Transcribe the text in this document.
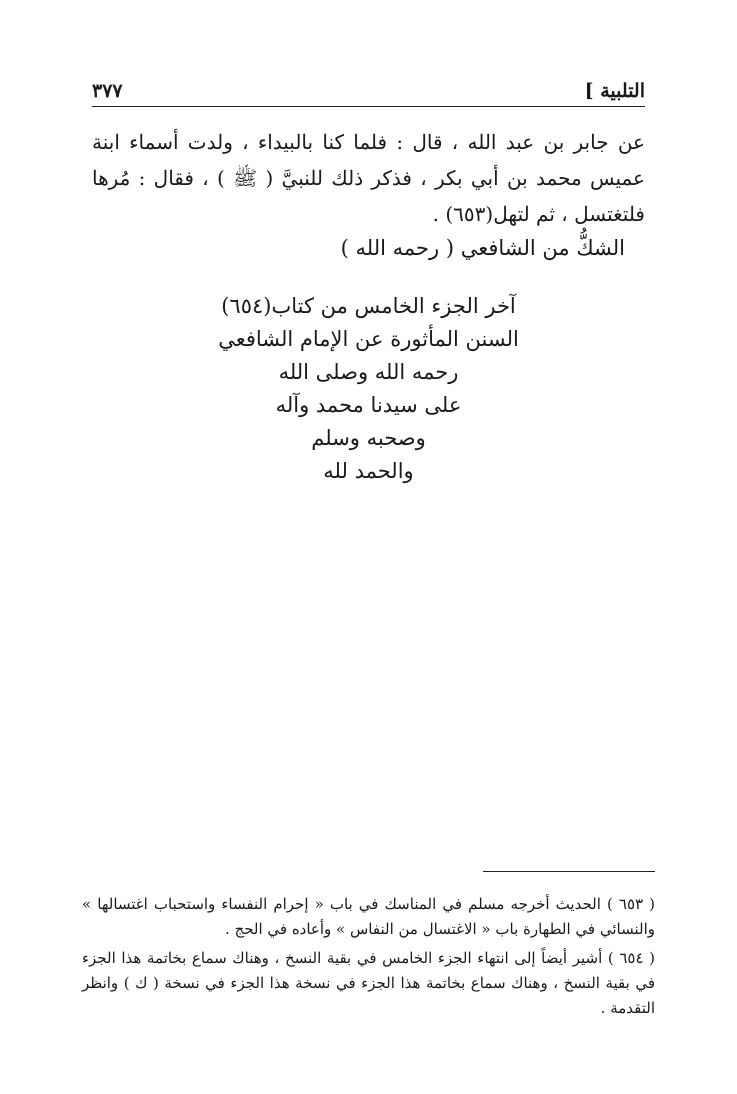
التلبية ]
٣٧٧

عن جابر بن عبد الله ، قال : فلما كنا بالبيداء ، ولدت أسماء ابنة عميس محمد بن أبي بكر ، فذكر ذلك للنبيَّ ( ﷺ ) ، فقال : مُرها فلتغتسل ، ثم لتهل(٦٥٣) .

الشكُّ من الشافعي ( رحمه الله )
آخر الجزء الخامس من كتاب(٦٥٤)
السنن المأثورة عن الإمام الشافعي
رحمه الله وصلى الله
على سيدنا محمد وآله
وصحبه وسلم
والحمد لله

( ٦٥٣ ) الحديث أخرجه مسلم في المناسك في باب « إحرام النفساء واستحباب اغتسالها » والنسائي في الطهارة باب « الاغتسال من النفاس » وأعاده في الحج .

( ٦٥٤ ) أشير أيضاً إلى انتهاء الجزء الخامس في بقية النسخ ، وهناك سماع بخاتمة هذا الجزء في بقية النسخ ، وهناك سماع بخاتمة هذا الجزء في نسخة هذا الجزء في نسخة ( ك ) وانظر التقدمة .
